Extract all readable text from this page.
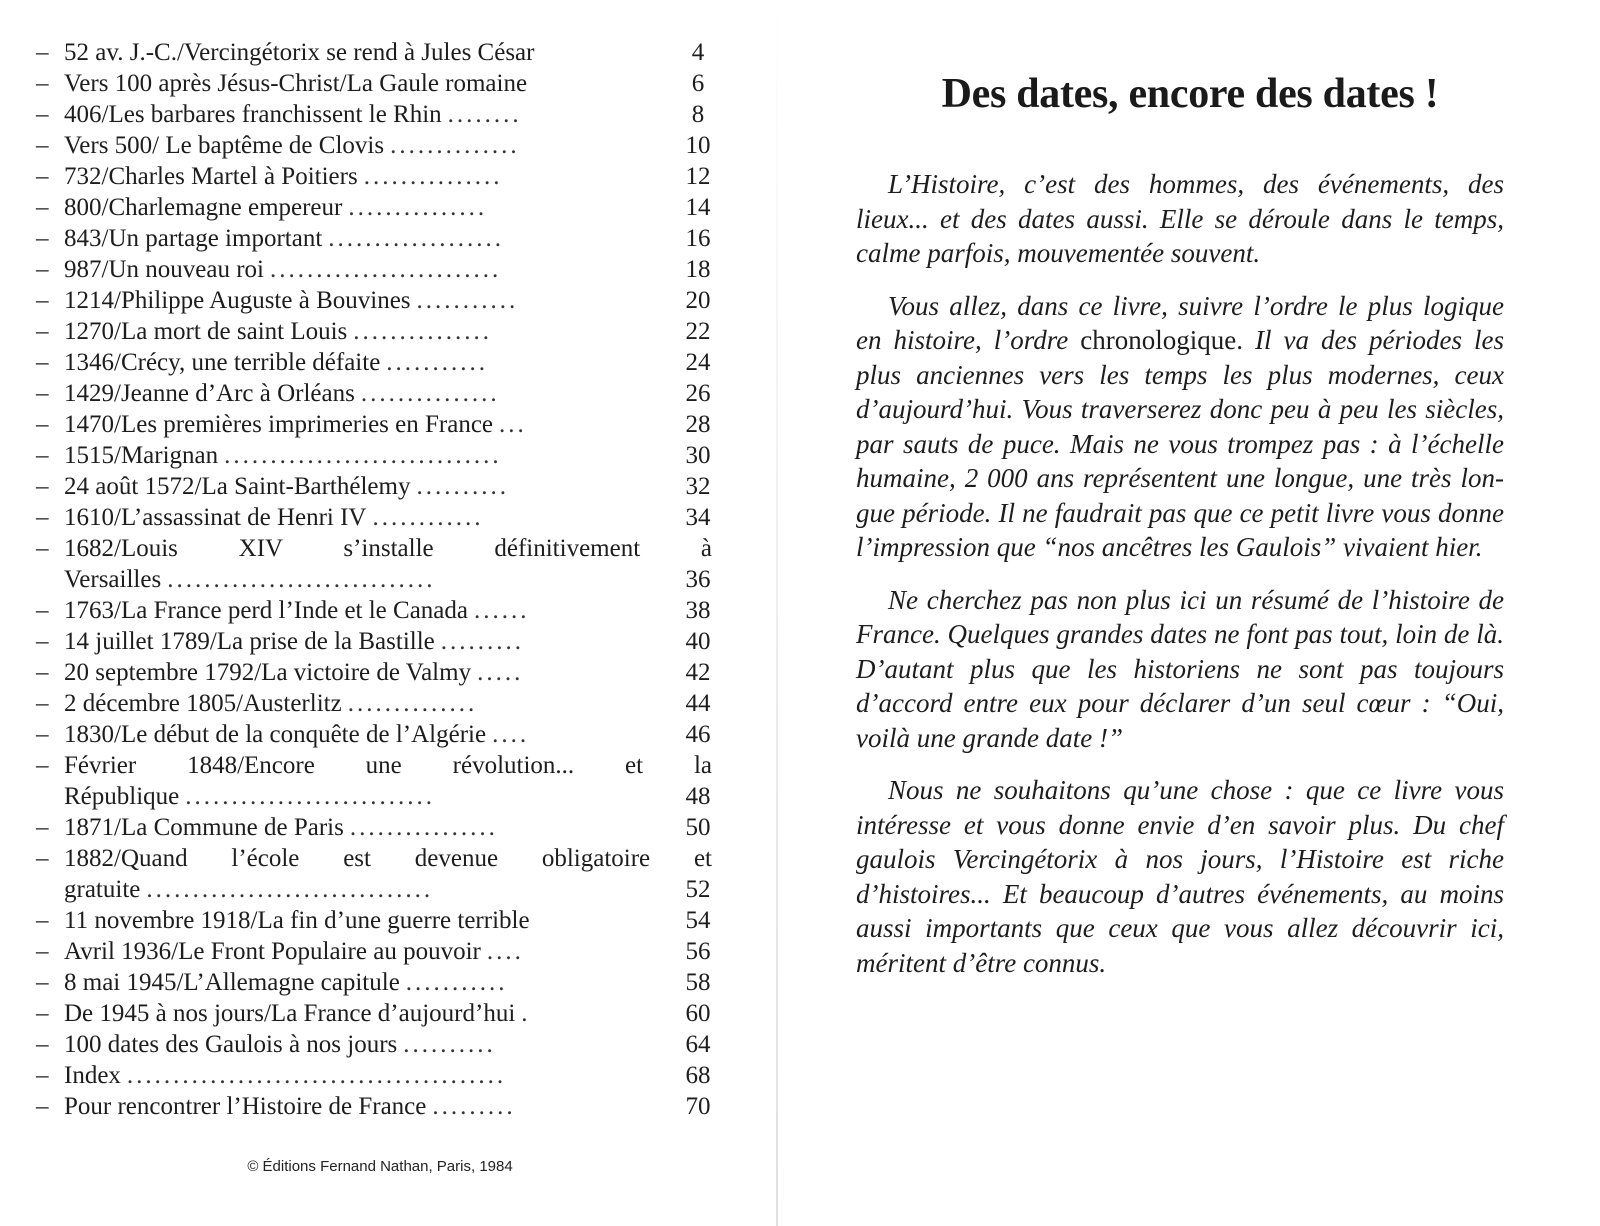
– 52 av. J.-C./Vercingétorix se rend à Jules César	4
– Vers 100 après Jésus-Christ/La Gaule romaine	6
– 406/Les barbares franchissent le Rhin ........	8
– Vers 500/ Le baptême de Clovis ..............	10
– 732/Charles Martel à Poitiers ...............	12
– 800/Charlemagne empereur ...............	14
– 843/Un partage important ...................	16
– 987/Un nouveau roi .........................	18
– 1214/Philippe Auguste à Bouvines ...........	20
– 1270/La mort de saint Louis ...............	22
– 1346/Crécy, une terrible défaite ...........	24
– 1429/Jeanne d’Arc à Orléans ...............	26
– 1470/Les premières imprimeries en France ...	28
– 1515/Marignan ..............................	30
– 24 août 1572/La Saint-Barthélemy ..........	32
– 1610/L’assassinat de Henri IV ............	34
– 1682/Louis XIV s’installe définitivement à
Versailles .............................	36
– 1763/La France perd l’Inde et le Canada ......	38
– 14 juillet 1789/La prise de la Bastille .........	40
– 20 septembre 1792/La victoire de Valmy .....	42
– 2 décembre 1805/Austerlitz ..............	44
– 1830/Le début de la conquête de l’Algérie ....	46
– Février 1848/Encore une révolution... et la
République ...........................	48
– 1871/La Commune de Paris ................	50
– 1882/Quand l’école est devenue obligatoire et
gratuite ...............................	52
– 11 novembre 1918/La fin d’une guerre terrible	54
– Avril 1936/Le Front Populaire au pouvoir ....	56
– 8 mai 1945/L’Allemagne capitule ...........	58
– De 1945 à nos jours/La France d’aujourd’hui .	60
– 100 dates des Gaulois à nos jours ..........	64
– Index .........................................	68
– Pour rencontrer l’Histoire de France .........	70
© Éditions Fernand Nathan, Paris, 1984
Des dates, encore des dates !

L’Histoire, c’est des hommes, des événements, des lieux... et des dates aussi. Elle se déroule dans le temps, calme parfois, mouvementée souvent.

Vous allez, dans ce livre, suivre l’ordre le plus logique en histoire, l’ordre chronologique. Il va des périodes les plus anciennes vers les temps les plus modernes, ceux d’aujourd’hui. Vous traverserez donc peu à peu les siècles, par sauts de puce. Mais ne vous trompez pas : à l’échelle humaine, 2 000 ans représentent une longue, une très longue période. Il ne faudrait pas que ce petit livre vous donne l’impression que “nos ancêtres les Gaulois” vivaient hier.

Ne cherchez pas non plus ici un résumé de l’histoire de France. Quelques grandes dates ne font pas tout, loin de là. D’autant plus que les historiens ne sont pas toujours d’accord entre eux pour déclarer d’un seul cœur : “Oui, voilà une grande date !”

Nous ne souhaitons qu’une chose : que ce livre vous intéresse et vous donne envie d’en savoir plus. Du chef gaulois Vercingétorix à nos jours, l’Histoire est riche d’histoires... Et beaucoup d’autres événements, au moins aussi importants que ceux que vous allez découvrir ici, méritent d’être connus.
